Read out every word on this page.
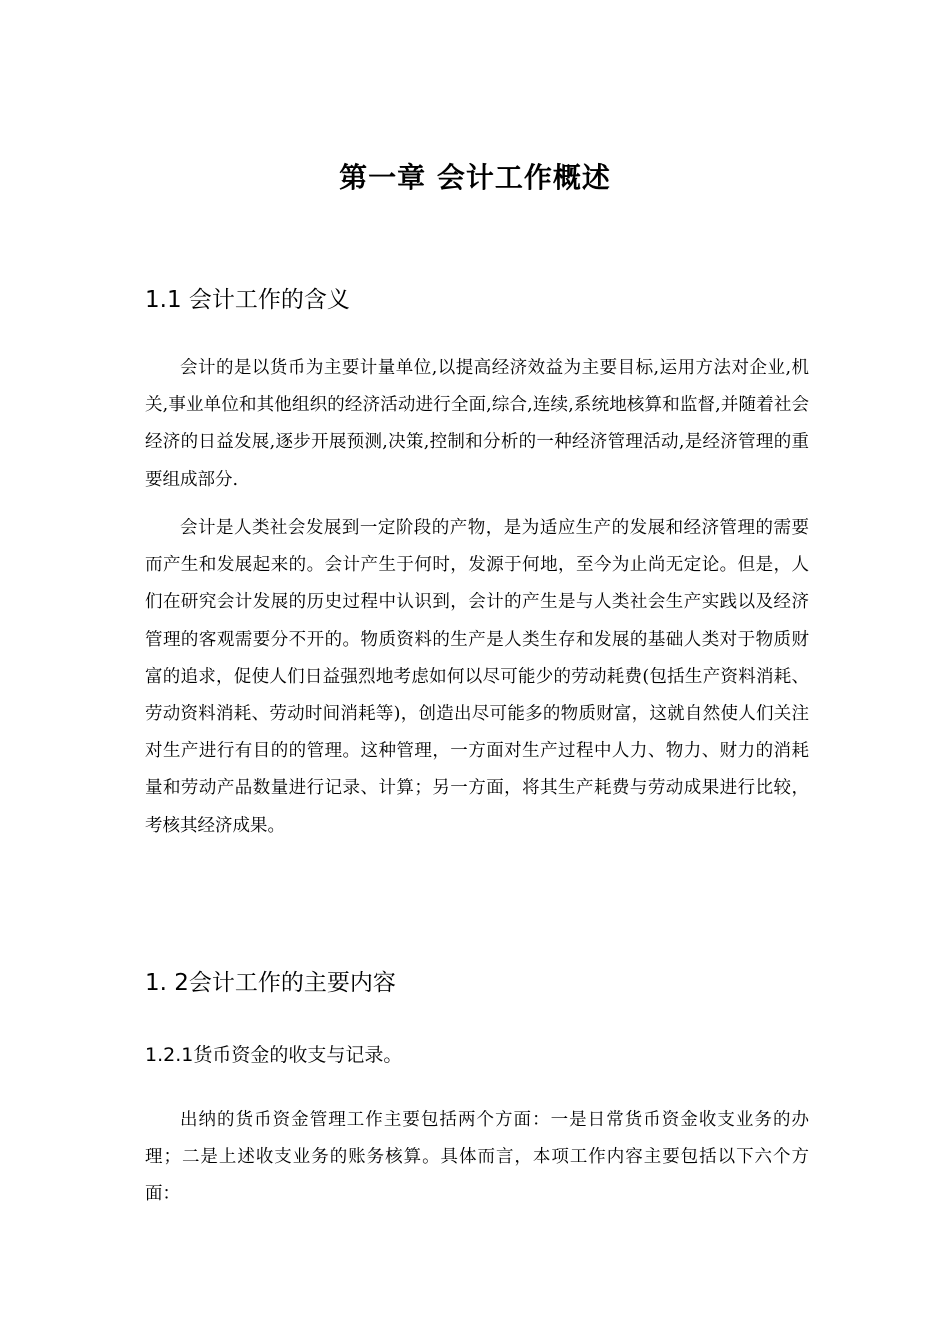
第一章 会计工作概述
1.1 会计工作的含义

会计的是以货币为主要计量单位,以提高经济效益为主要目标,运用方法对企业,机关,事业单位和其他组织的经济活动进行全面,综合,连续,系统地核算和监督,并随着社会经济的日益发展,逐步开展预测,决策,控制和分析的一种经济管理活动,是经济管理的重要组成部分.

会计是人类社会发展到一定阶段的产物，是为适应生产的发展和经济管理的需要而产生和发展起来的。会计产生于何时，发源于何地，至今为止尚无定论。但是，人们在研究会计发展的历史过程中认识到，会计的产生是与人类社会生产实践以及经济管理的客观需要分不开的。物质资料的生产是人类生存和发展的基础人类对于物质财富的追求，促使人们日益强烈地考虑如何以尽可能少的劳动耗费(包括生产资料消耗、劳动资料消耗、劳动时间消耗等)，创造出尽可能多的物质财富，这就自然使人们关注对生产进行有目的的管理。这种管理，一方面对生产过程中人力、物力、财力的消耗量和劳动产品数量进行记录、计算；另一方面，将其生产耗费与劳动成果进行比较，考核其经济成果。

1. 2会计工作的主要内容
1.2.1货币资金的收支与记录。

出纳的货币资金管理工作主要包括两个方面：一是日常货币资金收支业务的办理；二是上述收支业务的账务核算。具体而言，本项工作内容主要包括以下六个方面：
